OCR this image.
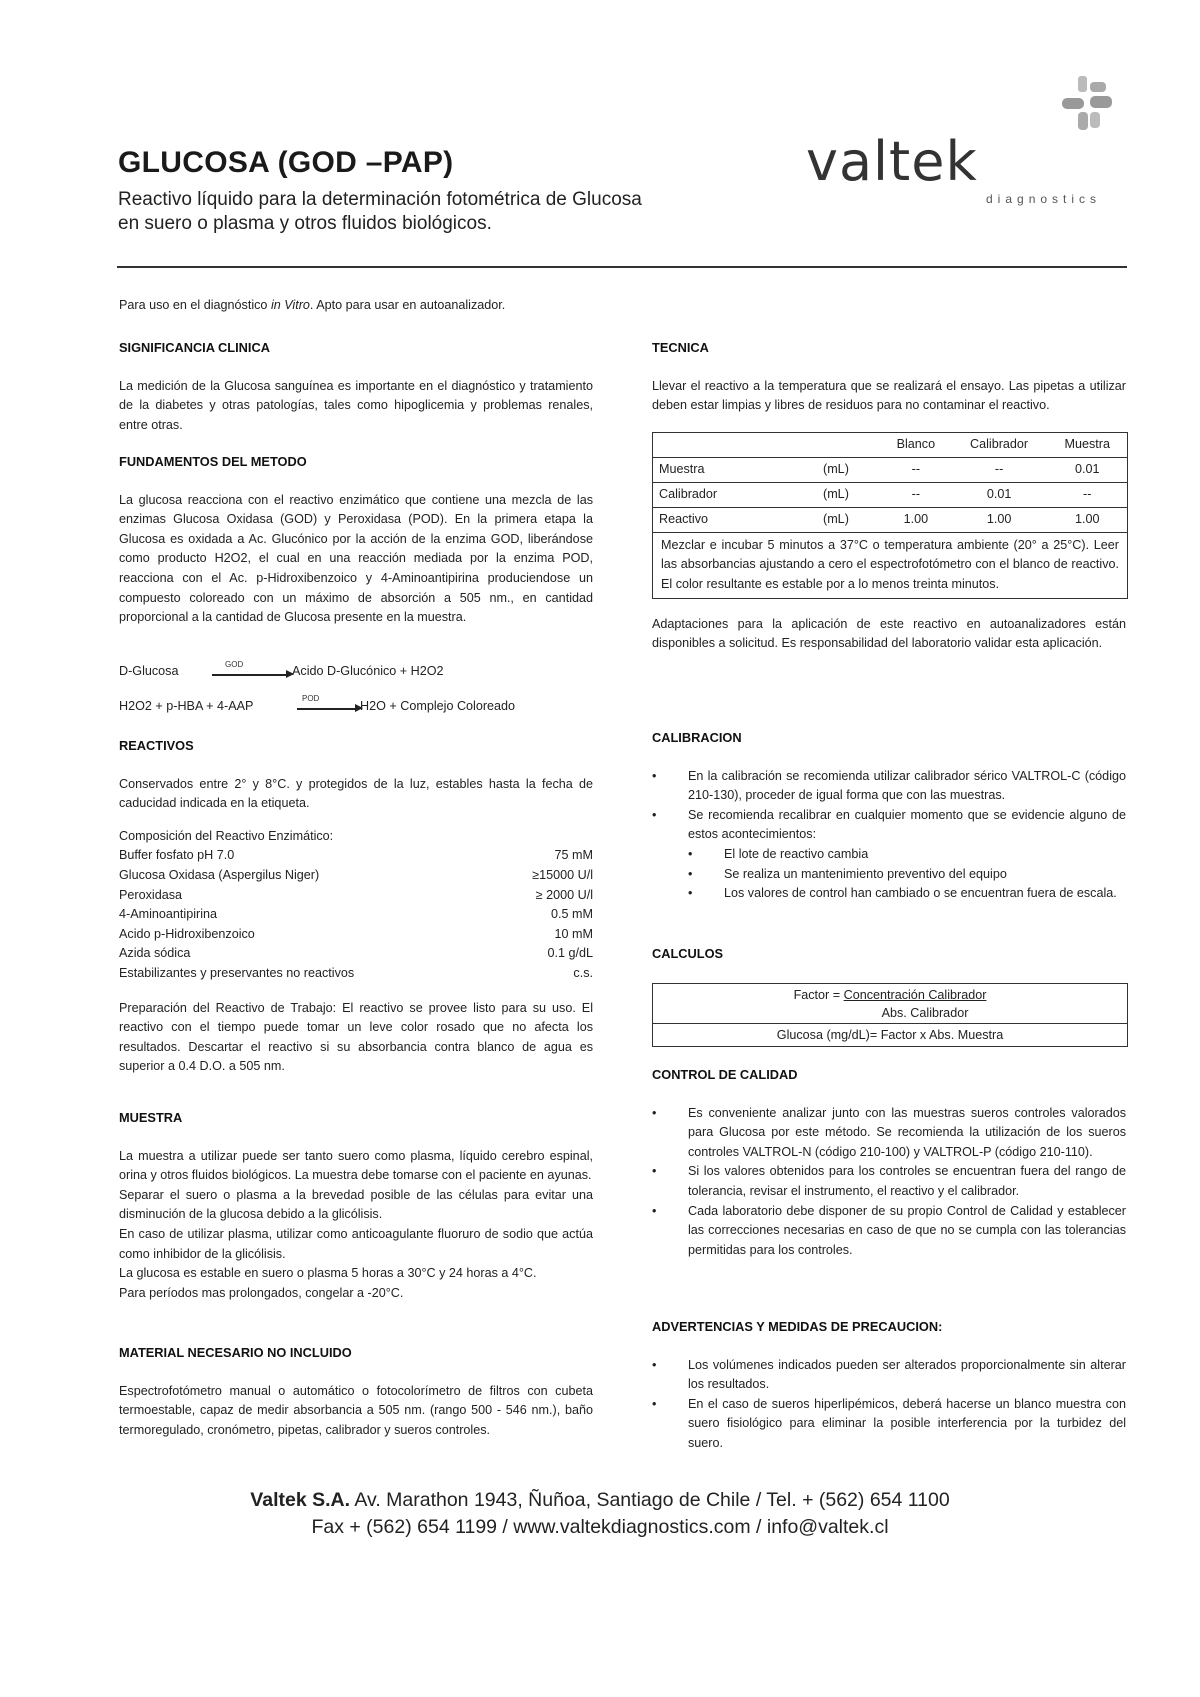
GLUCOSA (GOD –PAP)
Reactivo líquido para la determinación fotométrica de Glucosa
en suero o plasma y otros fluidos biológicos.
valtek
diagnostics
Para uso en el diagnóstico in Vitro. Apto para usar en autoanalizador.
SIGNIFICANCIA CLINICA

La medición de la Glucosa sanguínea es importante en el diagnóstico y tratamiento de la diabetes y otras patologías, tales como hipoglicemia y problemas renales, entre otras.

FUNDAMENTOS DEL METODO

La glucosa reacciona con el reactivo enzimático que contiene una mezcla de las enzimas Glucosa Oxidasa (GOD) y Peroxidasa (POD). En la primera etapa la Glucosa es oxidada a Ac. Glucónico por la acción de la enzima GOD, liberándose como producto H2O2, el cual en una reacción mediada por la enzima POD, reacciona con el Ac. p-Hidroxibenzoico y 4-Aminoantipirina produciendose un compuesto coloreado con un máximo de absorción a 505 nm., en cantidad proporcional a la cantidad de Glucosa presente en la muestra.

D-Glucosa	GOD	Acido D-Glucónico + H2O2
H2O2 + p-HBA + 4-AAP
POD
H2O + Complejo Coloreado
REACTIVOS

Conservados entre 2° y 8°C. y protegidos de la luz, estables hasta la fecha de caducidad indicada en la etiqueta.

Composición del Reactivo Enzimático:
Buffer fosfato pH 7.0	75 mM
Glucosa Oxidasa (Aspergilus Niger)	≥15000 U/l
Peroxidasa	≥ 2000 U/l
4-Aminoantipirina	0.5 mM
Acido p-Hidroxibenzoico	10 mM
Azida sódica	0.1 g/dL
Estabilizantes y preservantes no reactivos	c.s.

Preparación del Reactivo de Trabajo: El reactivo se provee listo para su uso. El reactivo con el tiempo puede tomar un leve color rosado que no afecta los resultados. Descartar el reactivo si su absorbancia contra blanco de agua es superior a 0.4 D.O. a 505 nm.

MUESTRA

La muestra a utilizar puede ser tanto suero como plasma, líquido cerebro espinal, orina y otros fluidos biológicos. La muestra debe tomarse con el paciente en ayunas.

Separar el suero o plasma a la brevedad posible de las células para evitar una disminución de la glucosa debido a la glicólisis.

En caso de utilizar plasma, utilizar como anticoagulante fluoruro de sodio que actúa como inhibidor de la glicólisis.

La glucosa es estable en suero o plasma 5 horas a 30°C y 24 horas a 4°C.

Para períodos mas prolongados, congelar a -20°C.

MATERIAL NECESARIO NO INCLUIDO

Espectrofotómetro manual o automático o fotocolorímetro de filtros con cubeta termoestable, capaz de medir absorbancia a 505 nm. (rango 500 - 546 nm.), baño termoregulado, cronómetro, pipetas, calibrador y sueros controles.

TECNICA

Llevar el reactivo a la temperatura que se realizará el ensayo. Las pipetas a utilizar deben estar limpias y libres de residuos para no contaminar el reactivo.

		Blanco	Calibrador	Muestra
Muestra	(mL)	--	--	0.01
Calibrador	(mL)	--	0.01	--
Reactivo	(mL)	1.00	1.00	1.00
Mezclar e incubar 5 minutos a 37°C o temperatura ambiente (20° a 25°C). Leer las absorbancias ajustando a cero el espectrofotómetro con el blanco de reactivo. El color resultante es estable por a lo menos treinta minutos.				

Adaptaciones para la aplicación de este reactivo en autoanalizadores están disponibles a solicitud. Es responsabilidad del laboratorio validar esta aplicación.

CALIBRACION
• En la calibración se recomienda utilizar calibrador sérico VALTROL-C (código 210-130), proceder de igual forma que con las muestras.
• Se recomienda recalibrar en cualquier momento que se evidencie alguno de estos acontecimientos:
• El lote de reactivo cambia
• Se realiza un mantenimiento preventivo del equipo
• Los valores de control han cambiado o se encuentran fuera de escala.
CALCULOS
Factor = Concentración Calibrador
Abs. Calibrador
Glucosa (mg/dL)= Factor x Abs. Muestra
CONTROL DE CALIDAD
• Es conveniente analizar junto con las muestras sueros controles valorados para Glucosa por este método. Se recomienda la utilización de los sueros controles VALTROL-N (código 210-100) y VALTROL-P (código 210-110).
• Si los valores obtenidos para los controles se encuentran fuera del rango de tolerancia, revisar el instrumento, el reactivo y el calibrador.
• Cada laboratorio debe disponer de su propio Control de Calidad y establecer las correcciones necesarias en caso de que no se cumpla con las tolerancias permitidas para los controles.
ADVERTENCIAS Y MEDIDAS DE PRECAUCION:
• Los volúmenes indicados pueden ser alterados proporcionalmente sin alterar los resultados.
• En el caso de sueros hiperlipémicos, deberá hacerse un blanco muestra con suero fisiológico para eliminar la posible interferencia por la turbidez del suero.
Valtek S.A. Av. Marathon 1943, Ñuñoa, Santiago de Chile / Tel. + (562) 654 1100
Fax + (562) 654 1199 / www.valtekdiagnostics.com / info@valtek.cl
